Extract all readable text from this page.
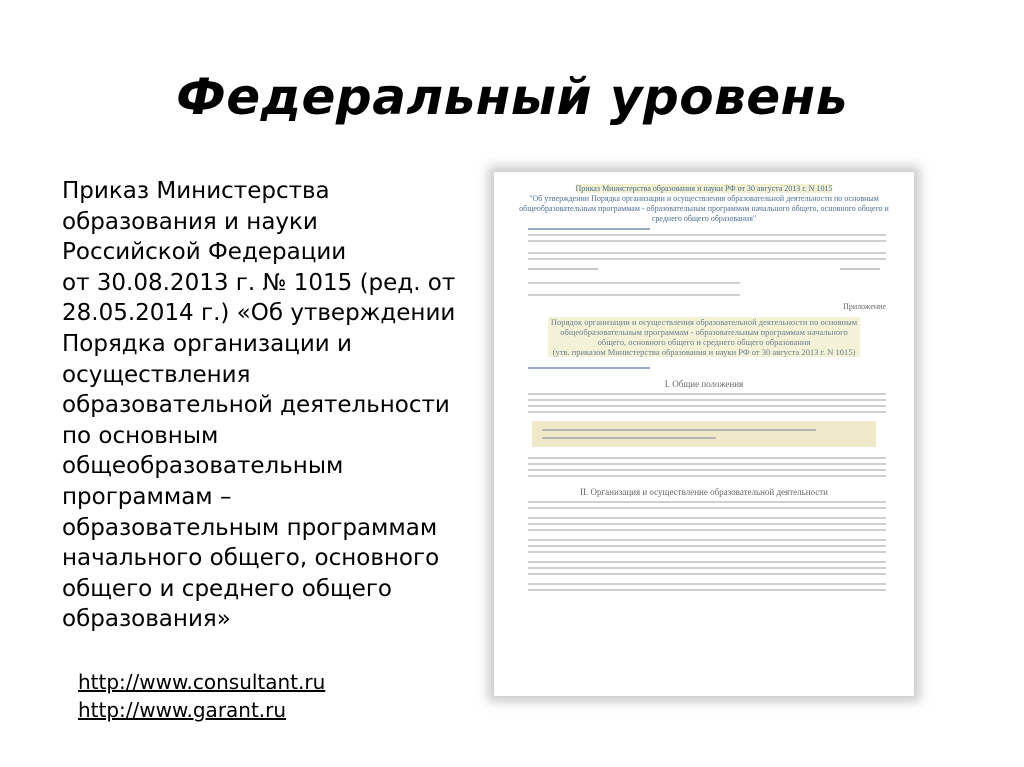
Федеральный уровень
Приказ Министерства
образования и науки
Российской Федерации
от 30.08.2013 г. № 1015 (ред. от
28.05.2014 г.) «Об утверждении
Порядка организации и
осуществления
образовательной деятельности
по основным
общеобразовательным
программам –
образовательным программам
начального общего, основного
общего и среднего общего
образования»
http://www.consultant.ru
http://www.garant.ru
Приказ Министерства образования и науки РФ от 30 августа 2013 г. N 1015
"Об утверждении Порядка организации и осуществления образовательной деятельности по основным общеобразовательным программам - образовательным программам начального общего, основного общего и среднего общего образования"
Приложение
Порядок организации и осуществления образовательной деятельности по основным общеобразовательным программам - образовательным программам начального общего, основного общего и среднего общего образования
(утв. приказом Министерства образования и науки РФ от 30 августа 2013 г. N 1015)
I. Общие положения
II. Организация и осуществление образовательной деятельности
